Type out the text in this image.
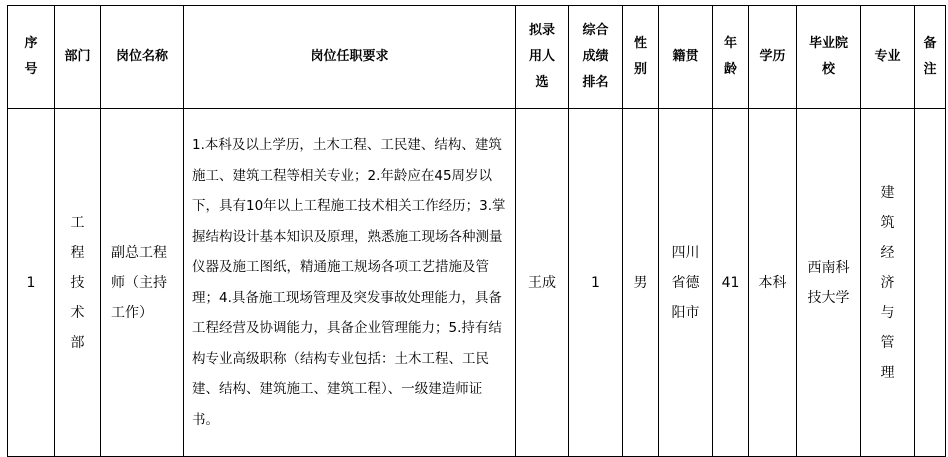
序号	部门	岗位名称	岗位任职要求	拟录用人选	综合成绩排名	性别	籍贯	年龄	学历	毕业院校	专业	备注
1	工程技术部	副总工程师（主持工作）	1.本科及以上学历，土木工程、工民建、结构、建筑施工、建筑工程等相关专业；2.年龄应在45周岁以下，具有10年以上工程施工技术相关工作经历；3.掌握结构设计基本知识及原理，熟悉施工现场各种测量仪器及施工图纸，精通施工规场各项工艺措施及管理；4.具备施工现场管理及突发事故处理能力，具备工程经营及协调能力，具备企业管理能力；5.持有结构专业高级职称（结构专业包括：土木工程、工民建、结构、建筑施工、建筑工程）、一级建造师证书。	王成	1	男	四川省德阳市	41	本科	西南科技大学	建筑经济与管理	
